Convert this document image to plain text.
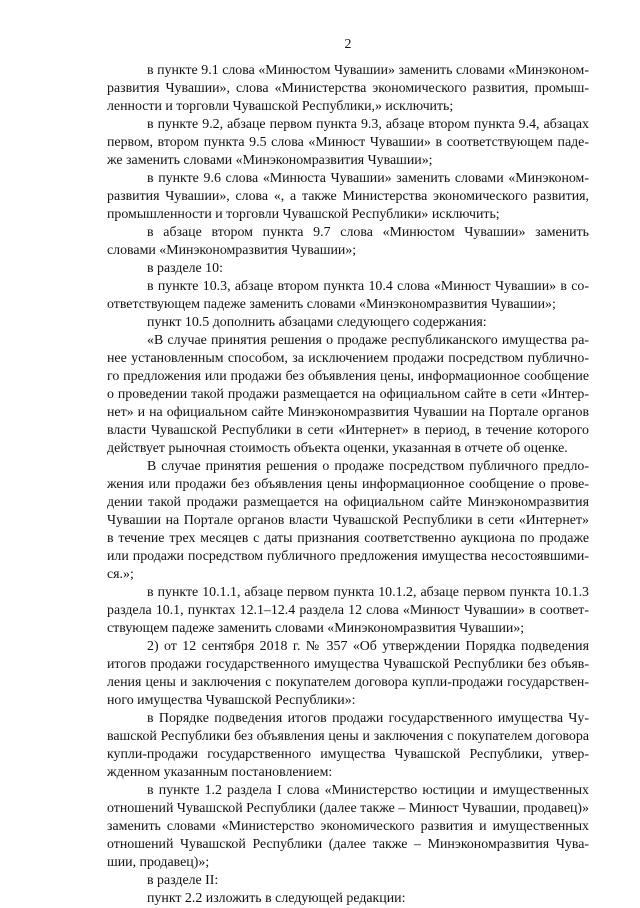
2

в пункте 9.1 слова «Минюстом Чувашии» заменить словами «Минэкономразвития Чувашии», слова «Министерства экономического развития, промышленности и торговли Чувашской Республики,» исключить;

в пункте 9.2, абзаце первом пункта 9.3, абзаце втором пункта 9.4, абзацах первом, втором пункта 9.5 слова «Минюст Чувашии» в соответствующем падеже заменить словами «Минэкономразвития Чувашии»;

в пункте 9.6 слова «Минюста Чувашии» заменить словами «Минэкономразвития Чувашии», слова «, а также Министерства экономического развития, промышленности и торговли Чувашской Республики» исключить;

в абзаце втором пункта 9.7 слова «Минюстом Чувашии» заменить словами «Минэкономразвития Чувашии»;

в разделе 10:

в пункте 10.3, абзаце втором пункта 10.4 слова «Минюст Чувашии» в соответствующем падеже заменить словами «Минэкономразвития Чувашии»;

пункт 10.5 дополнить абзацами следующего содержания:

«В случае принятия решения о продаже республиканского имущества ранее установленным способом, за исключением продажи посредством публичного предложения или продажи без объявления цены, информационное сообщение о проведении такой продажи размещается на официальном сайте в сети «Интернет» и на официальном сайте Минэкономразвития Чувашии на Портале органов власти Чувашской Республики в сети «Интернет» в период, в течение которого действует рыночная стоимость объекта оценки, указанная в отчете об оценке.

В случае принятия решения о продаже посредством публичного предложения или продажи без объявления цены информационное сообщение о проведении такой продажи размещается на официальном сайте Минэкономразвития Чувашии на Портале органов власти Чувашской Республики в сети «Интернет» в течение трех месяцев с даты признания соответственно аукциона по продаже или продажи посредством публичного предложения имущества несостоявшимися.»;

в пункте 10.1.1, абзаце первом пункта 10.1.2, абзаце первом пункта 10.1.3 раздела 10.1, пунктах 12.1–12.4 раздела 12 слова «Минюст Чувашии» в соответствующем падеже заменить словами «Минэкономразвития Чувашии»;

2) от 12 сентября 2018 г. № 357 «Об утверждении Порядка подведения итогов продажи государственного имущества Чувашской Республики без объявления цены и заключения с покупателем договора купли-продажи государственного имущества Чувашской Республики»:

в Порядке подведения итогов продажи государственного имущества Чувашской Республики без объявления цены и заключения с покупателем договора купли-продажи государственного имущества Чувашской Республики, утвержденном указанным постановлением:

в пункте 1.2 раздела I слова «Министерство юстиции и имущественных отношений Чувашской Республики (далее также – Минюст Чувашии, продавец)» заменить словами «Министерство экономического развития и имущественных отношений Чувашской Республики (далее также – Минэкономразвития Чувашии, продавец)»;

в разделе II:

пункт 2.2 изложить в следующей редакции:
